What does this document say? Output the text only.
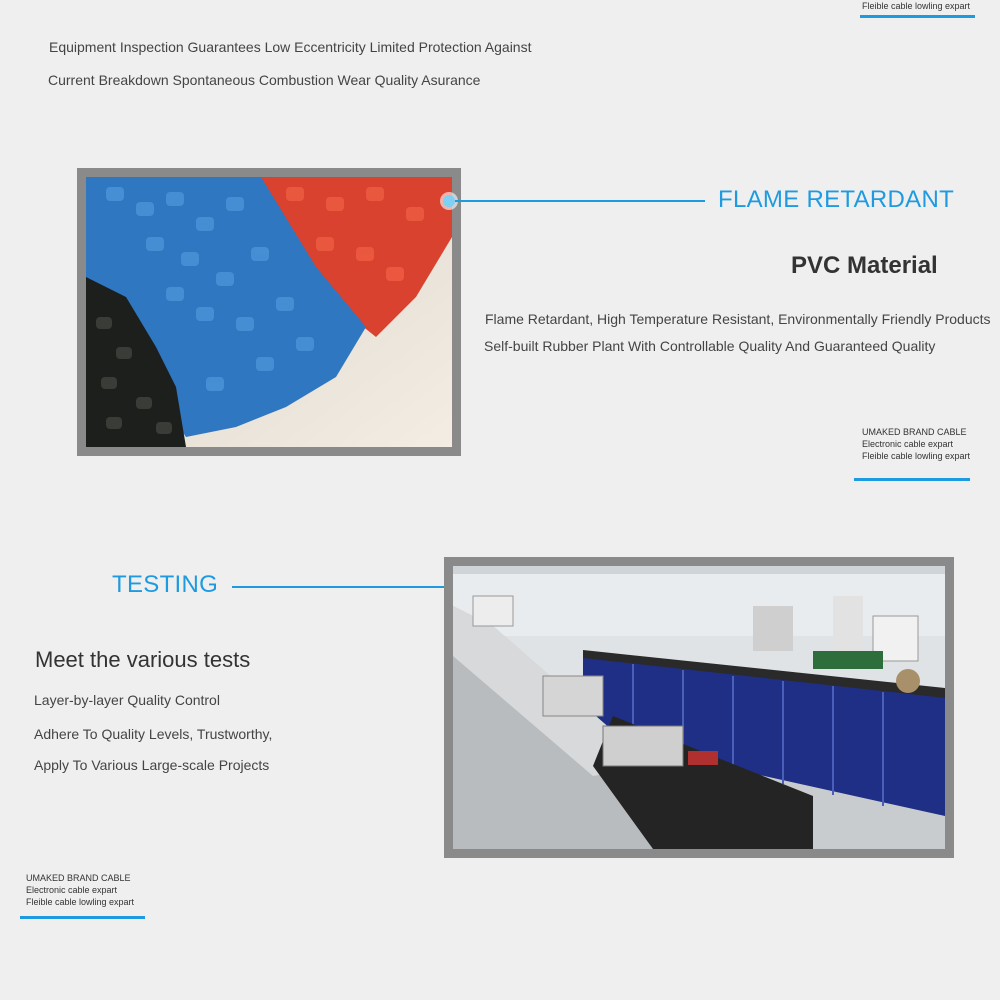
Fleible cable lowling expart
Equipment Inspection Guarantees Low Eccentricity Limited Protection Against
Current Breakdown Spontaneous Combustion Wear Quality Asurance
FLAME RETARDANT
PVC Material
Flame Retardant, High Temperature Resistant, Environmentally Friendly Products
Self-built Rubber Plant With Controllable Quality And Guaranteed Quality
UMAKED BRAND CABLE
Electronic cable expart
Fleible cable lowling expart
TESTING
Meet the various tests
Layer-by-layer Quality Control
Adhere To Quality Levels, Trustworthy,
Apply To Various Large-scale Projects
UMAKED BRAND CABLE
Electronic cable expart
Fleible cable lowling expart
